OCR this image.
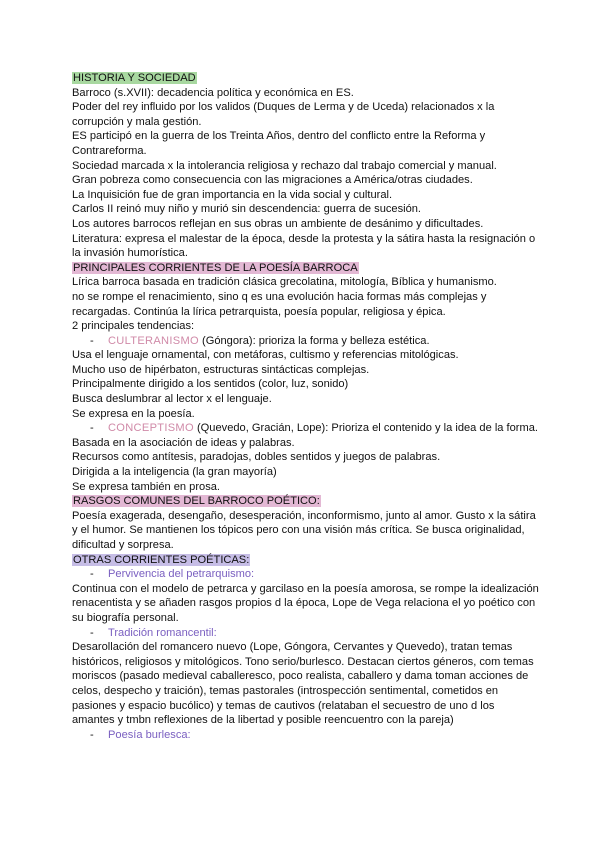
HISTORIA Y SOCIEDAD
Barroco (s.XVII): decadencia política y económica en ES.
Poder del rey influido por los validos (Duques de Lerma y de Uceda) relacionados x la corrupción y mala gestión.
ES participó en la guerra de los Treinta Años, dentro del conflicto entre la Reforma y Contrareforma.
Sociedad marcada x la intolerancia religiosa y rechazo dal trabajo comercial y manual.
Gran pobreza como consecuencia con las migraciones a América/otras ciudades.
La Inquisición fue de gran importancia en la vida social y cultural.
Carlos II reinó muy niño y murió sin descendencia: guerra de sucesión.
Los autores barrocos reflejan en sus obras un ambiente de desánimo y dificultades.
Literatura: expresa el malestar de la época, desde la protesta y la sátira hasta la resignación o la invasión humorística.
PRINCIPALES CORRIENTES DE LA POESÍA BARROCA
Lírica barroca basada en tradición clásica grecolatina, mitología, Bíblica y humanismo.
no se rompe el renacimiento, sino q es una evolución hacia formas más complejas y recargadas. Continúa la lírica petrarquista, poesía popular, religiosa y épica.
2 principales tendencias:
- CULTERANISMO (Góngora): prioriza la forma y belleza estética.
Usa el lenguaje ornamental, con metáforas, cultismo y referencias mitológicas.
Mucho uso de hipérbaton, estructuras sintácticas complejas.
Principalmente dirigido a los sentidos (color, luz, sonido)
Busca deslumbrar al lector x el lenguaje.
Se expresa en la poesía.
- CONCEPTISMO (Quevedo, Gracián, Lope): Prioriza el contenido y la idea de la forma.
Basada en la asociación de ideas y palabras.
Recursos como antítesis, paradojas, dobles sentidos y juegos de palabras.
Dirigida a la inteligencia (la gran mayoría)
Se expresa también en prosa.
RASGOS COMUNES DEL BARROCO POÉTICO:
Poesía exagerada, desengaño, desesperación, inconformismo, junto al amor. Gusto x la sátira y el humor. Se mantienen los tópicos pero con una visión más crítica. Se busca originalidad, dificultad y sorpresa.
OTRAS CORRIENTES POÉTICAS:
- Pervivencia del petrarquismo:
Continua con el modelo de petrarca y garcilaso en la poesía amorosa, se rompe la idealización renacentista y se añaden rasgos propios d la época, Lope de Vega relaciona el yo poético con su biografía personal.
- Tradición romancentil:
Desarollación del romancero nuevo (Lope, Góngora, Cervantes y Quevedo), tratan temas históricos, religiosos y mitológicos. Tono serio/burlesco. Destacan ciertos géneros, com temas moriscos (pasado medieval caballeresco, poco realista, caballero y dama toman acciones de celos, despecho y traición), temas pastorales (introspección sentimental, cometidos en pasiones y espacio bucólico) y temas de cautivos (relataban el secuestro de uno d los amantes y tmbn reflexiones de la libertad y posible reencuentro con la pareja)
- Poesía burlesca:
